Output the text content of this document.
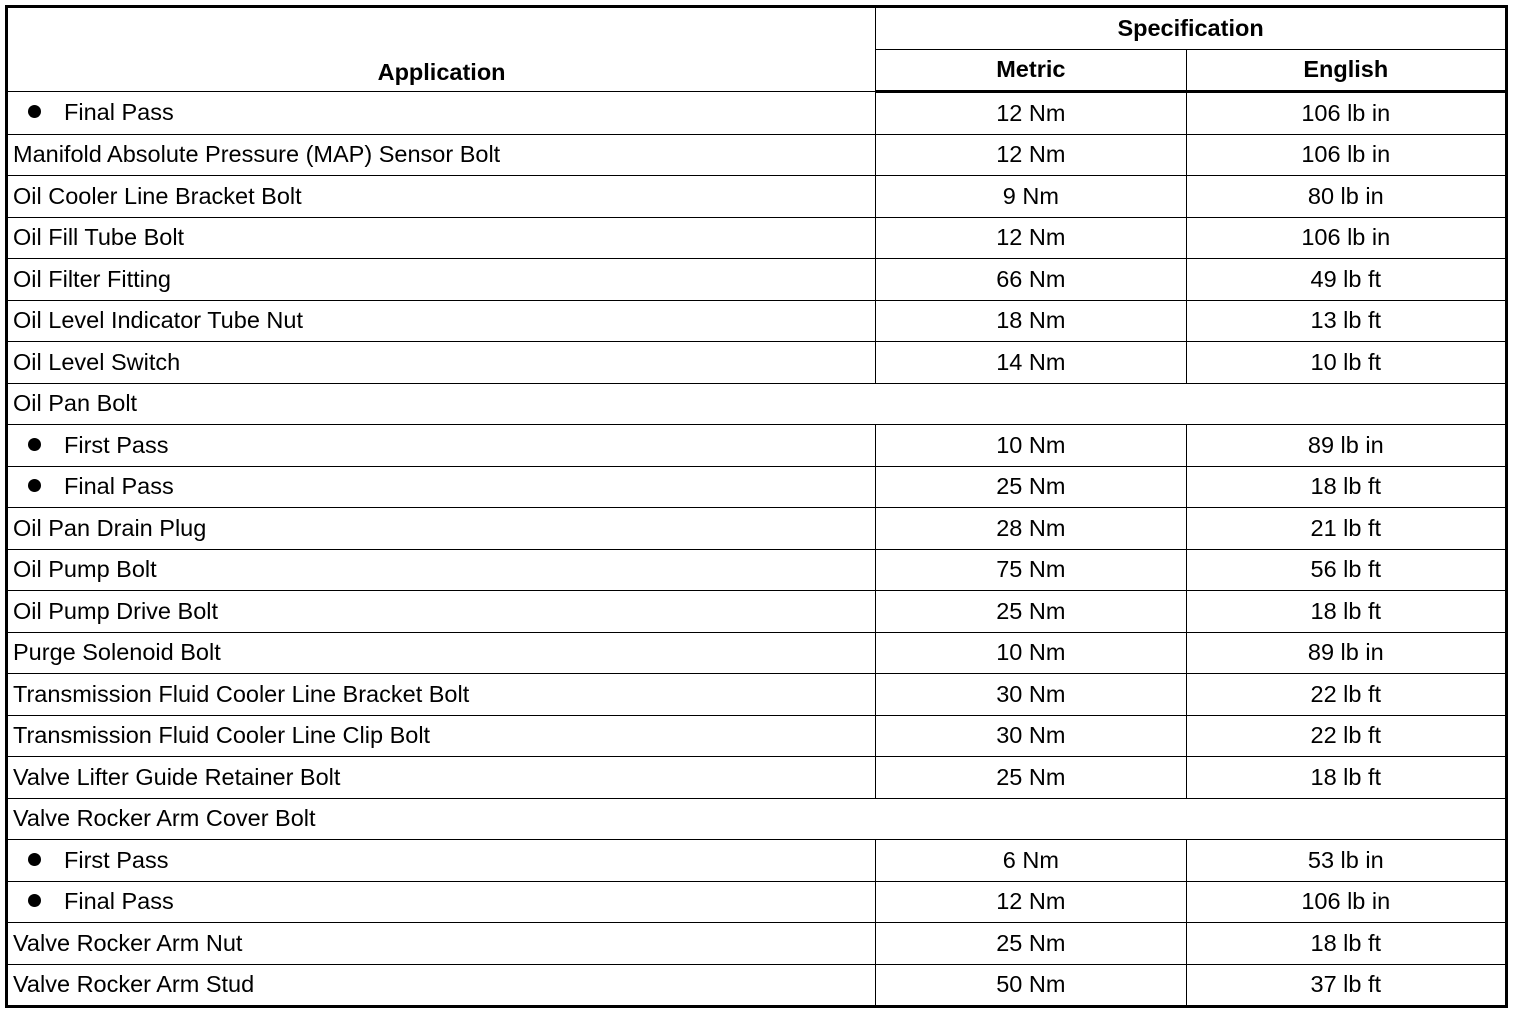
Application	Specification	
	Metric	English
Final Pass	12 Nm	106 lb in
Manifold Absolute Pressure (MAP) Sensor Bolt	12 Nm	106 lb in
Oil Cooler Line Bracket Bolt	9 Nm	80 lb in
Oil Fill Tube Bolt	12 Nm	106 lb in
Oil Filter Fitting	66 Nm	49 lb ft
Oil Level Indicator Tube Nut	18 Nm	13 lb ft
Oil Level Switch	14 Nm	10 lb ft
Oil Pan Bolt		
First Pass	10 Nm	89 lb in
Final Pass	25 Nm	18 lb ft
Oil Pan Drain Plug	28 Nm	21 lb ft
Oil Pump Bolt	75 Nm	56 lb ft
Oil Pump Drive Bolt	25 Nm	18 lb ft
Purge Solenoid Bolt	10 Nm	89 lb in
Transmission Fluid Cooler Line Bracket Bolt	30 Nm	22 lb ft
Transmission Fluid Cooler Line Clip Bolt	30 Nm	22 lb ft
Valve Lifter Guide Retainer Bolt	25 Nm	18 lb ft
Valve Rocker Arm Cover Bolt		
First Pass	6 Nm	53 lb in
Final Pass	12 Nm	106 lb in
Valve Rocker Arm Nut	25 Nm	18 lb ft
Valve Rocker Arm Stud	50 Nm	37 lb ft
